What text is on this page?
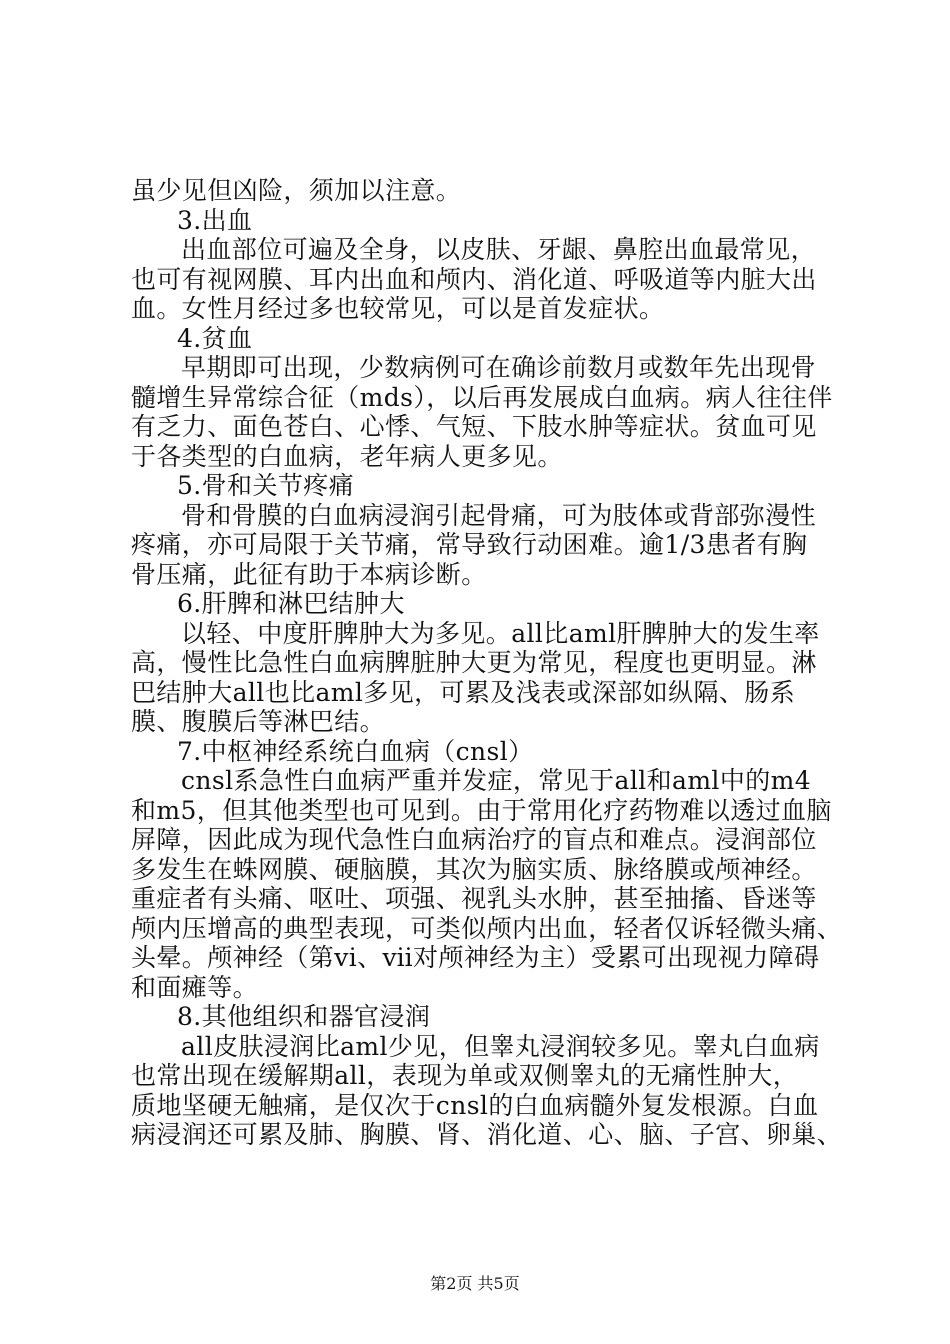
虽少见但凶险，须加以注意。
3.出血
出血部位可遍及全身，以皮肤、牙龈、鼻腔出血最常见，
也可有视网膜、耳内出血和颅内、消化道、呼吸道等内脏大出
血。女性月经过多也较常见，可以是首发症状。
4.贫血
早期即可出现，少数病例可在确诊前数月或数年先出现骨
髓增生异常综合征（mds），以后再发展成白血病。病人往往伴
有乏力、面色苍白、心悸、气短、下肢水肿等症状。贫血可见
于各类型的白血病，老年病人更多见。
5.骨和关节疼痛
骨和骨膜的白血病浸润引起骨痛，可为肢体或背部弥漫性
疼痛，亦可局限于关节痛，常导致行动困难。逾1/3患者有胸
骨压痛，此征有助于本病诊断。
6.肝脾和淋巴结肿大
以轻、中度肝脾肿大为多见。all比aml肝脾肿大的发生率
高，慢性比急性白血病脾脏肿大更为常见，程度也更明显。淋
巴结肿大all也比aml多见，可累及浅表或深部如纵隔、肠系
膜、腹膜后等淋巴结。
7.中枢神经系统白血病（cnsl）
cnsl系急性白血病严重并发症，常见于all和aml中的m4
和m5，但其他类型也可见到。由于常用化疗药物难以透过血脑
屏障，因此成为现代急性白血病治疗的盲点和难点。浸润部位
多发生在蛛网膜、硬脑膜，其次为脑实质、脉络膜或颅神经。
重症者有头痛、呕吐、项强、视乳头水肿，甚至抽搐、昏迷等
颅内压增高的典型表现，可类似颅内出血，轻者仅诉轻微头痛、
头晕。颅神经（第vi、ⅶ对颅神经为主）受累可出现视力障碍
和面瘫等。
8.其他组织和器官浸润
all皮肤浸润比aml少见，但睾丸浸润较多见。睾丸白血病
也常出现在缓解期all，表现为单或双侧睾丸的无痛性肿大，
质地坚硬无触痛，是仅次于cnsl的白血病髓外复发根源。白血
病浸润还可累及肺、胸膜、肾、消化道、心、脑、子宫、卵巢、
第2页 共5页
